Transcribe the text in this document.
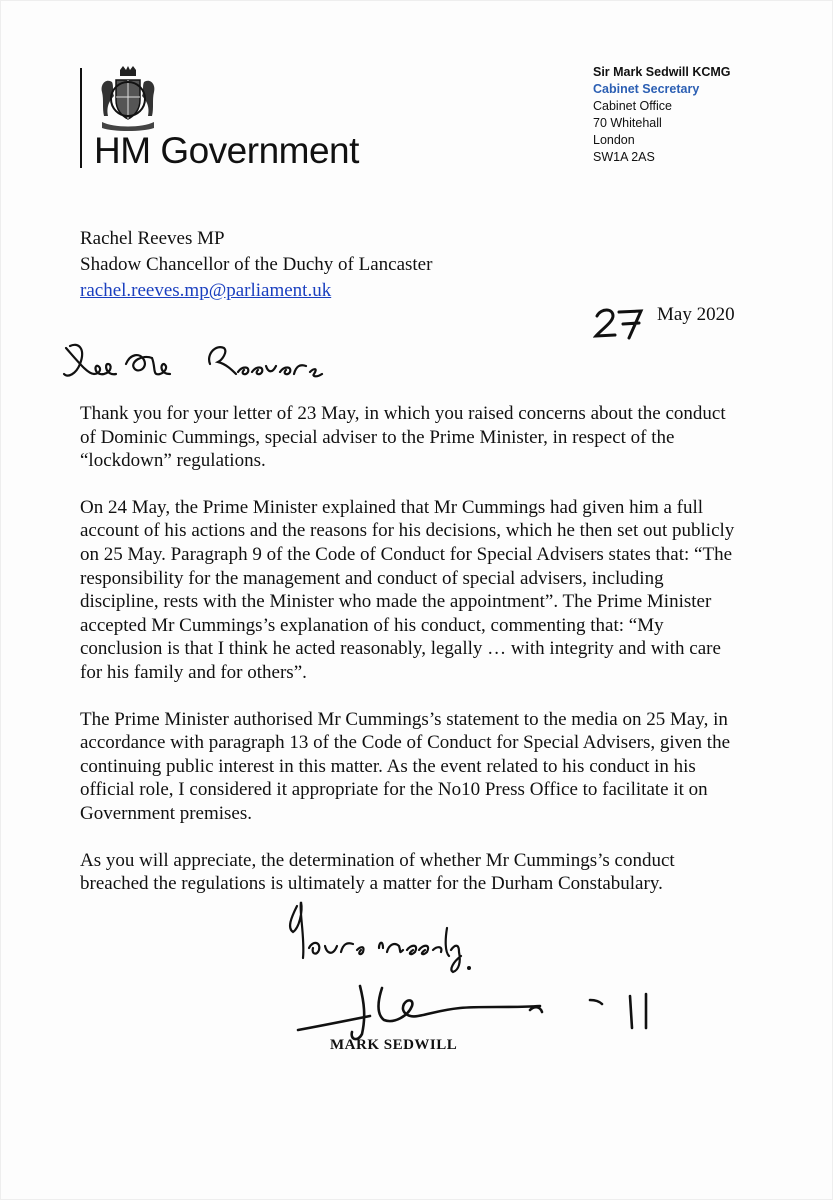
HM Government
Sir Mark Sedwill KCMG
Cabinet Secretary
Cabinet Office
70 Whitehall
London
SW1A 2AS
Rachel Reeves MP
Shadow Chancellor of the Duchy of Lancaster
rachel.reeves.mp@parliament.uk
May 2020

Thank you for your letter of 23 May, in which you raised concerns about the conduct of Dominic Cummings, special adviser to the Prime Minister, in respect of the “lockdown” regulations.

On 24 May, the Prime Minister explained that Mr Cummings had given him a full account of his actions and the reasons for his decisions, which he then set out publicly on 25 May. Paragraph 9 of the Code of Conduct for Special Advisers states that: “The responsibility for the management and conduct of special advisers, including discipline, rests with the Minister who made the appointment”. The Prime Minister accepted Mr Cummings’s explanation of his conduct, commenting that: “My conclusion is that I think he acted reasonably, legally … with integrity and with care for his family and for others”.

The Prime Minister authorised Mr Cummings’s statement to the media on 25 May, in accordance with paragraph 13 of the Code of Conduct for Special Advisers, given the continuing public interest in this matter. As the event related to his conduct in his official role, I considered it appropriate for the No10 Press Office to facilitate it on Government premises.

As you will appreciate, the determination of whether Mr Cummings’s conduct breached the regulations is ultimately a matter for the Durham Constabulary.

MARK SEDWILL
